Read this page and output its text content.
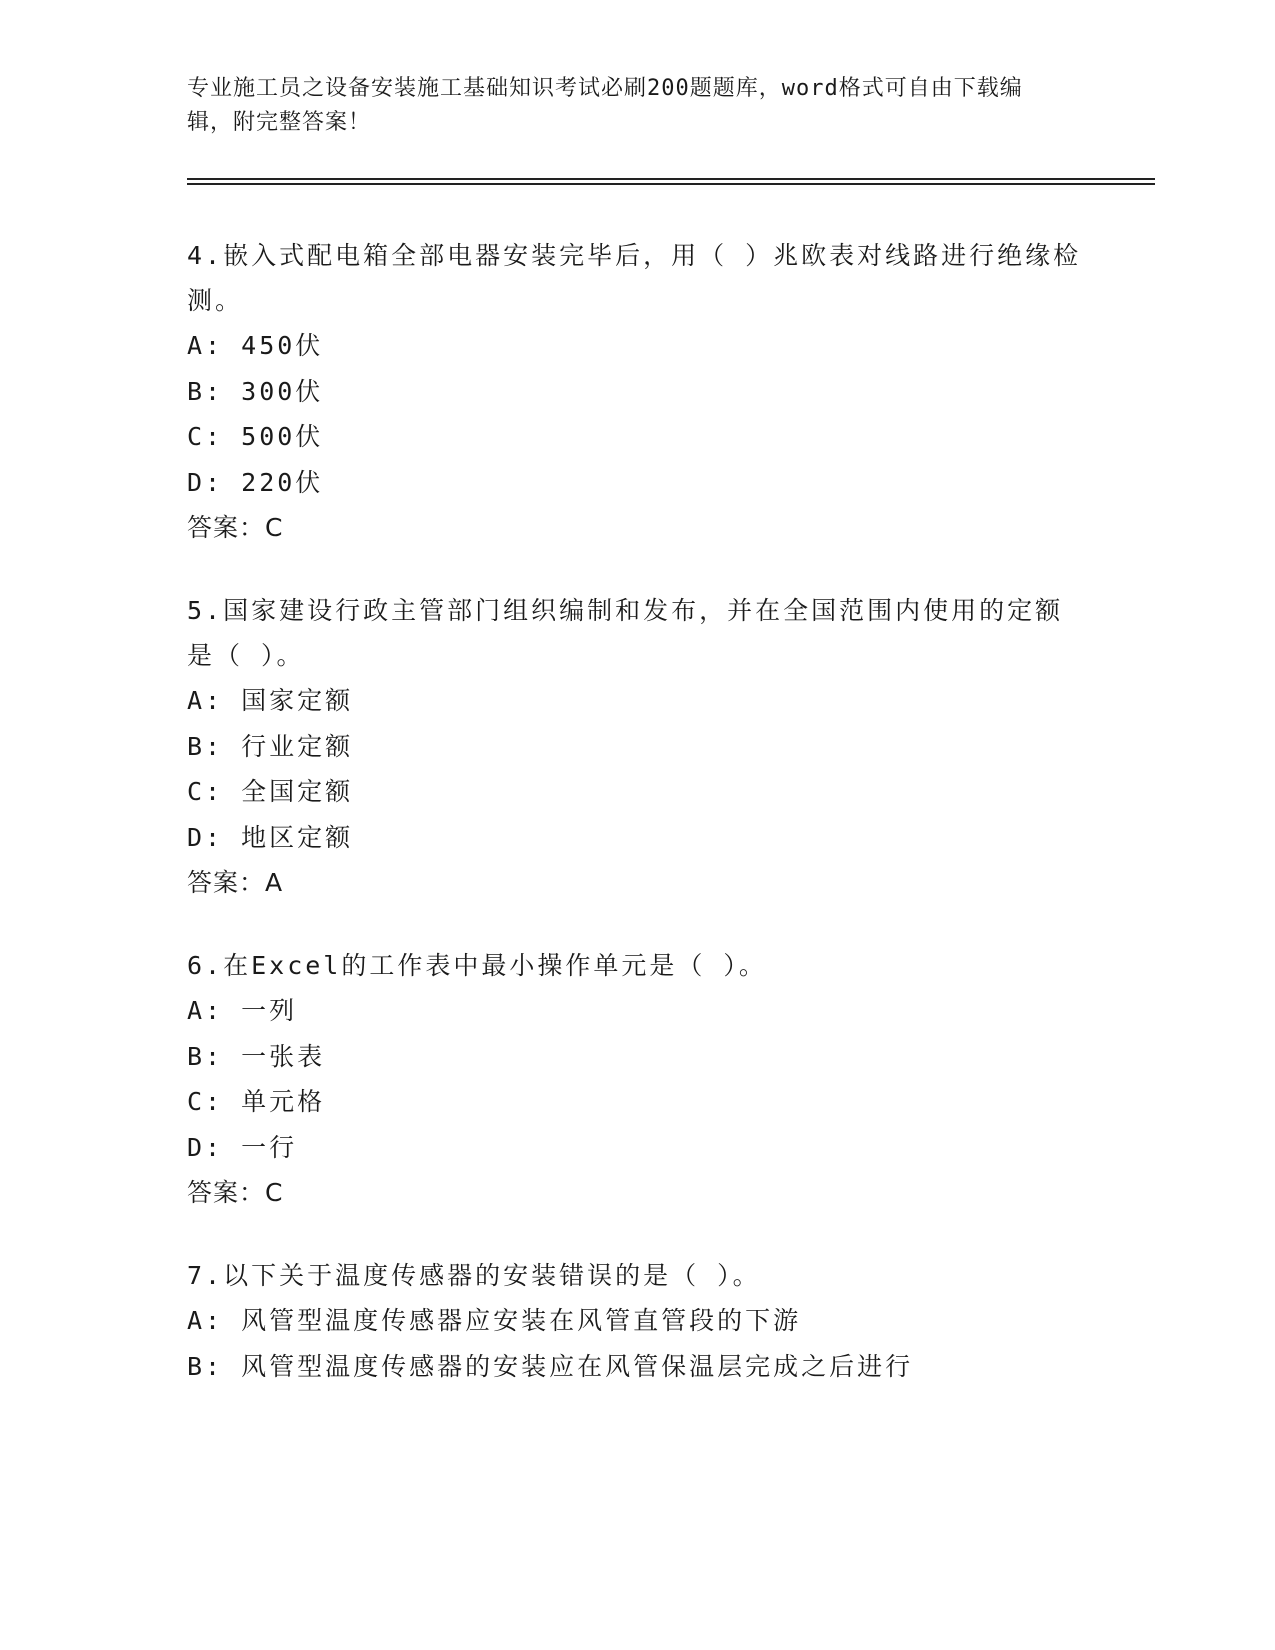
专业施工员之设备安装施工基础知识考试必刷200题题库，word格式可自由下载编辑，附完整答案！

4.嵌入式配电箱全部电器安装完毕后，用（ ）兆欧表对线路进行绝缘检测。

A: 450伏

B: 300伏

C: 500伏

D: 220伏

答案：C

5.国家建设行政主管部门组织编制和发布，并在全国范围内使用的定额是（ ）。

A: 国家定额

B: 行业定额

C: 全国定额

D: 地区定额

答案：A

6.在Excel的工作表中最小操作单元是（ ）。

A: 一列

B: 一张表

C: 单元格

D: 一行

答案：C

7.以下关于温度传感器的安装错误的是（ ）。

A: 风管型温度传感器应安装在风管直管段的下游

B: 风管型温度传感器的安装应在风管保温层完成之后进行
